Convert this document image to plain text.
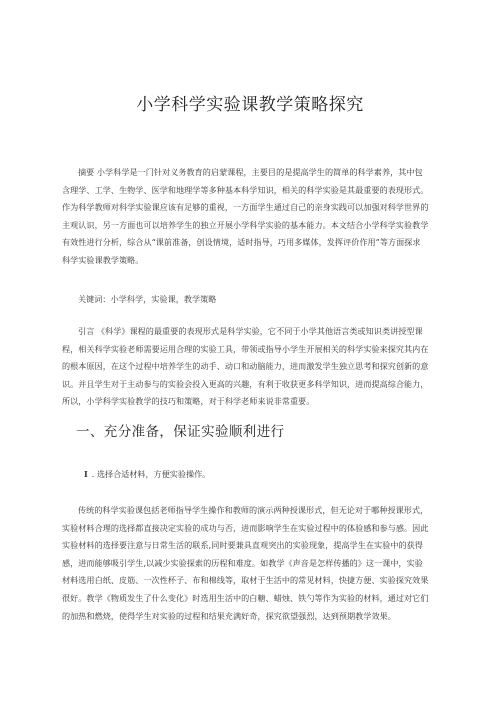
小学科学实验课教学策略探究
摘要 小学科学是一门针对义务教育的启蒙课程，主要目的是提高学生的简单的科学素养，其中包
含理学、工学、生物学、医学和地理学等多种基本科学知识，相关的科学实验是其最重要的表现形式。
作为科学教师对科学实验课应该有足够的重视，一方面学生通过自己的亲身实践可以加强对科学世界的
主观认识，另一方面也可以培养学生的独立开展小学科学实验的基本能力。本文结合小学科学实验教学
有效性进行分析，综合从“课前准备，创设情境，适时指导，巧用多媒体，发挥评价作用”等方面探求
科学实验课教学策略。
关键词：小学科学，实验课，教学策略
引言 《科学》课程的最重要的表现形式是科学实验，它不同于小学其他语言类或知识类讲授型课
程，相关科学实验老师需要运用合理的实验工具，带领或指导小学生开展相关的科学实验来探究其内在
的根本原因，在这个过程中培养学生的动手、动口和动脑能力，进而激发学生独立思考和探究创新的意
识。并且学生对于主动参与的实验会投入更高的兴趣，有利于收获更多科学知识，进而提高综合能力，
所以，小学科学实验教学的技巧和策略，对于科学老师来说非常重要。
一、充分准备，保证实验顺利进行
I . 选择合适材料，方便实验操作。
传统的科学实验课包括老师指导学生操作和教师的演示两种授课形式，但无论对于哪种授课形式，
实验材料合理的选择都直接决定实验的成功与否，进而影响学生在实验过程中的体验感和参与感。因此
实验材料的选择要注意与日常生活的联系,同时要兼具直观突出的实验现象，提高学生在实验中的获得
感，进而能够吸引学生,以减少实验探索的历程和难度。如教学《声音是怎样传播的》这一课中，实验
材料选用白纸、皮筋、一次性杯子、布和棉线等，取材于生活中的常见材料，快捷方便、实验探究效果
很好。教学《物质发生了什么变化》时选用生活中的白糖、蜡烛、铁勺等作为实验的材料，通过对它们
的加热和燃烧，使得学生对实验的过程和结果充满好奇，探究欲望强烈，达到预期教学效果。
